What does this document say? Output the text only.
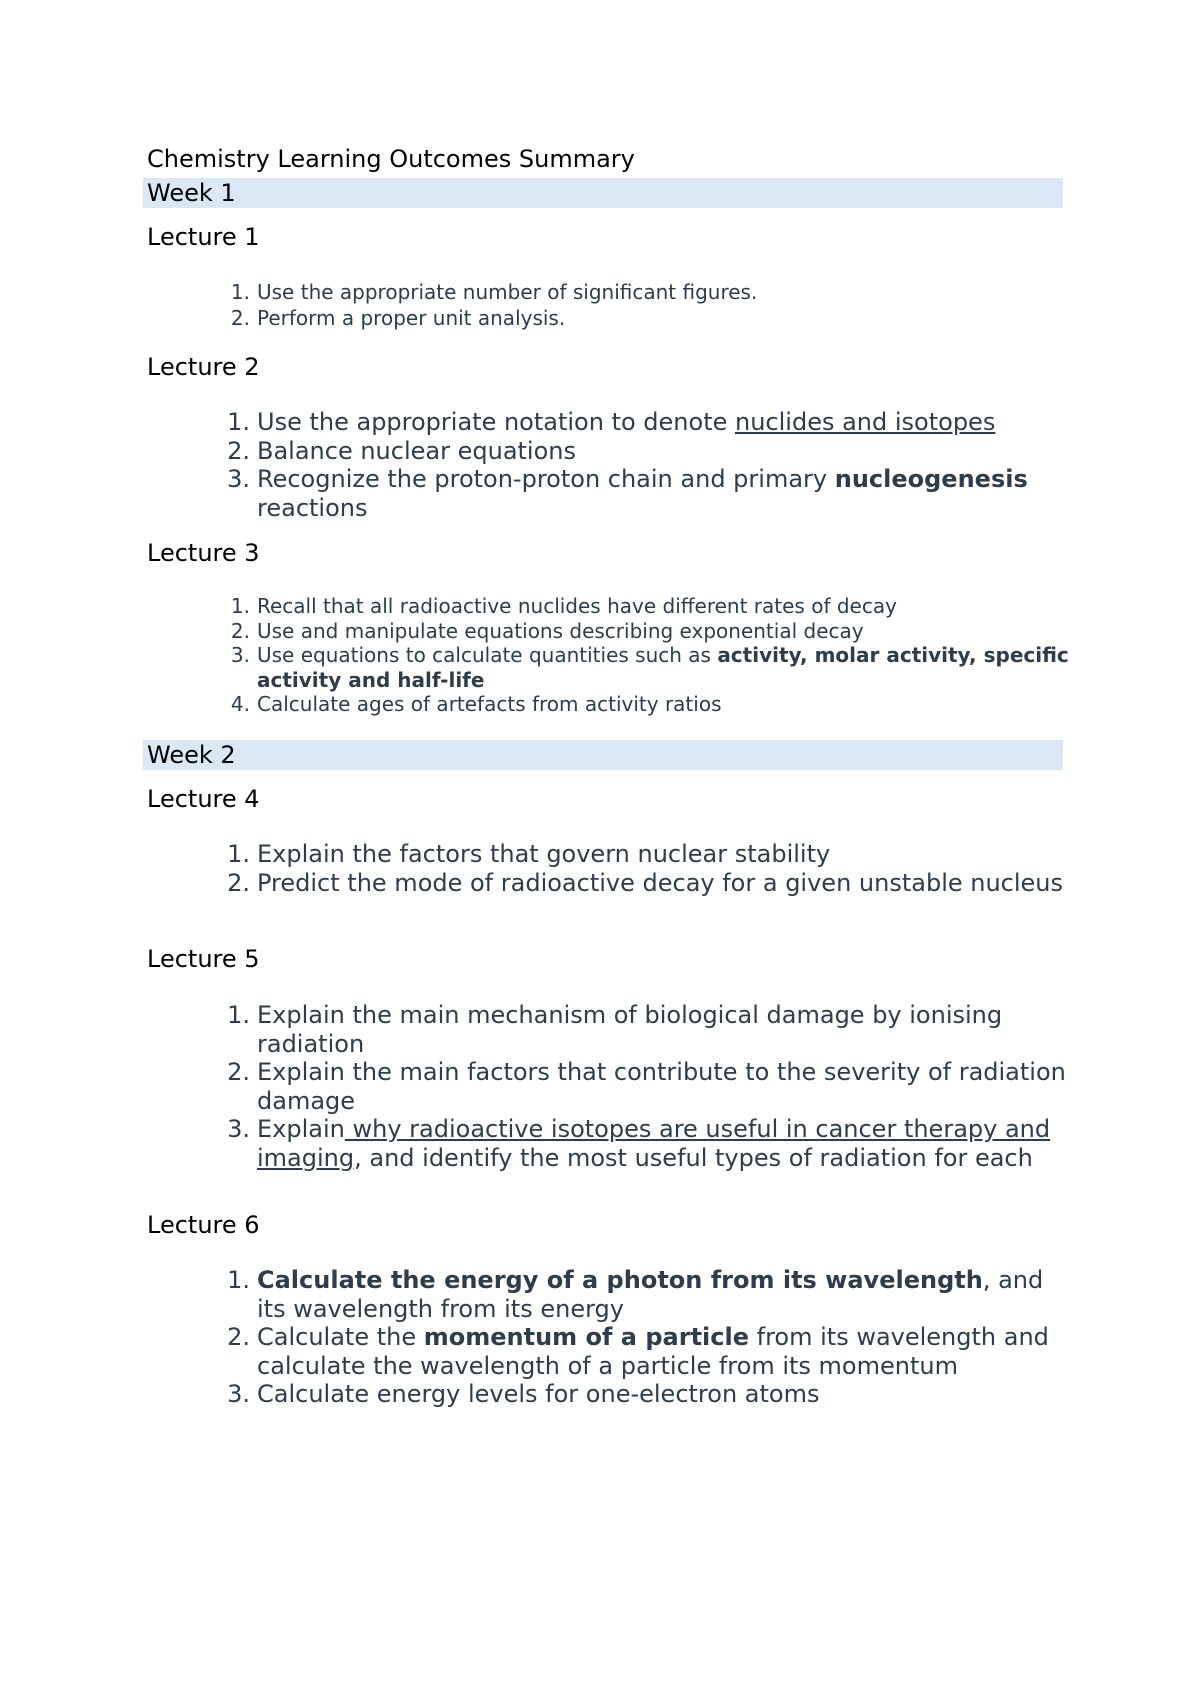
Chemistry Learning Outcomes Summary
Week 1
Lecture 1
1. Use the appropriate number of significant figures.
2. Perform a proper unit analysis.
Lecture 2
1. Use the appropriate notation to denote nuclides and isotopes
2. Balance nuclear equations
3. Recognize the proton-proton chain and primary nucleogenesis reactions
Lecture 3
1. Recall that all radioactive nuclides have different rates of decay
2. Use and manipulate equations describing exponential decay
3. Use equations to calculate quantities such as activity, molar activity, specific activity and half-life
4. Calculate ages of artefacts from activity ratios
Week 2
Lecture 4
1. Explain the factors that govern nuclear stability
2. Predict the mode of radioactive decay for a given unstable nucleus
Lecture 5
1. Explain the main mechanism of biological damage by ionising radiation
2. Explain the main factors that contribute to the severity of radiation damage
3. Explain why radioactive isotopes are useful in cancer therapy and imaging, and identify the most useful types of radiation for each
Lecture 6
1. Calculate the energy of a photon from its wavelength, and its wavelength from its energy
2. Calculate the momentum of a particle from its wavelength and calculate the wavelength of a particle from its momentum
3. Calculate energy levels for one-electron atoms
